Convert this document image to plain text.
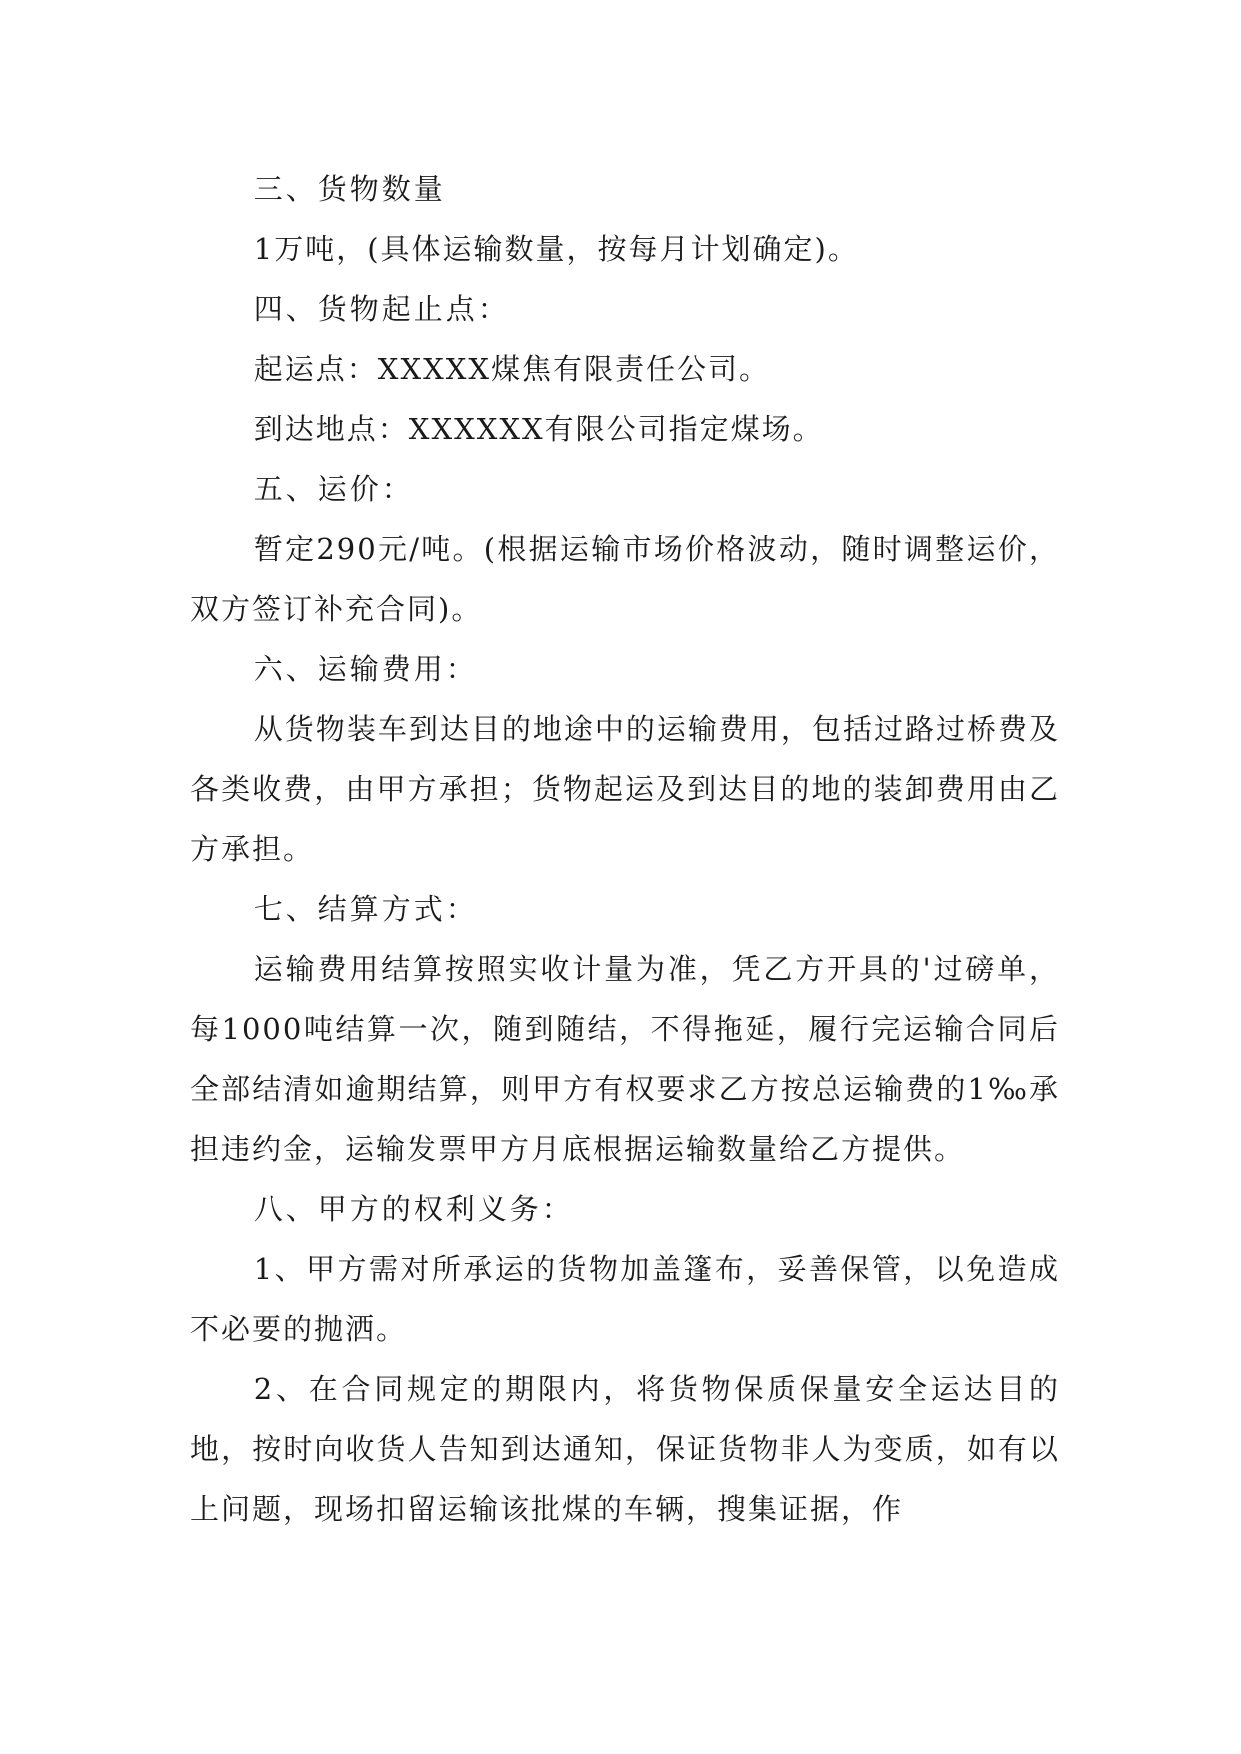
三、货物数量

1万吨，(具体运输数量，按每月计划确定)。

四、货物起止点：

起运点：XXXXX煤焦有限责任公司。

到达地点：XXXXXX有限公司指定煤场。

五、运价：

暂定290元/吨。(根据运输市场价格波动，随时调整运价，双方签订补充合同)。

六、运输费用：

从货物装车到达目的地途中的运输费用，包括过路过桥费及各类收费，由甲方承担；货物起运及到达目的地的装卸费用由乙方承担。

七、结算方式：

运输费用结算按照实收计量为准，凭乙方开具的'过磅单，每1000吨结算一次，随到随结，不得拖延，履行完运输合同后全部结清如逾期结算，则甲方有权要求乙方按总运输费的1‰承担违约金，运输发票甲方月底根据运输数量给乙方提供。

八、甲方的权利义务：

1、甲方需对所承运的货物加盖篷布，妥善保管，以免造成不必要的抛洒。

2、在合同规定的期限内，将货物保质保量安全运达目的地，按时向收货人告知到达通知，保证货物非人为变质，如有以上问题，现场扣留运输该批煤的车辆，搜集证据，作
